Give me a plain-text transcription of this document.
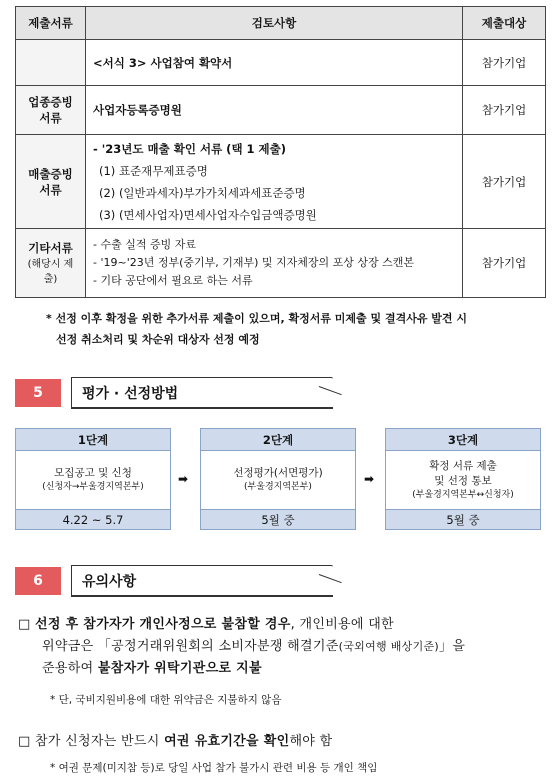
제출서류	검토사항	제출대상
	<서식 3> 사업참여 확약서	참가기업

업종증빙
서류	사업자등록증명원	참가기업

매출증빙
서류	- '23년도 매출 확인 서류 (택 1 제출)
(1) 표준재무제표증명
(2) (일반과세자)부가가치세과세표준증명
(3) (면세사업자)면세사업자수입금액증명원	참가기업

기타서류
(해당시 제
출)	- 수출 실적 증빙 자료
- '19~'23년 정부(중기부, 기재부) 및 지자체장의 포상 상장 스캔본
- 기타 공단에서 필요로 하는 서류	참가기업
* 선정 이후 확정을 위한 추가서류 제출이 있으며, 확정서류 미제출 및 결격사유 발견 시
선정 취소처리 및 차순위 대상자 선정 예정
5	평가 · 선정방법
1단계
모집공고 및 신청
(신청자→부울경지역본부)
4.22 ~ 5.7
➡
2단계
선정평가(서면평가)
(부울경지역본부)
5월 중
➡
3단계
확정 서류 제출
및 선정 통보
(부울경지역본부↔신청자)
5월 중
6	유의사항
□ 선정 후 참가자가 개인사정으로 불참할 경우, 개인비용에 대한
위약금은 「공정거래위원회의 소비자분쟁 해결기준(국외여행 배상기준)」을
준용하여 불참자가 위탁기관으로 지불
* 단, 국비지원비용에 대한 위약금은 지불하지 않음
□ 참가 신청자는 반드시 여권 유효기간을 확인해야 함
* 여권 문제(미지참 등)로 당일 사업 참가 불가시 관련 비용 등 개인 책임
